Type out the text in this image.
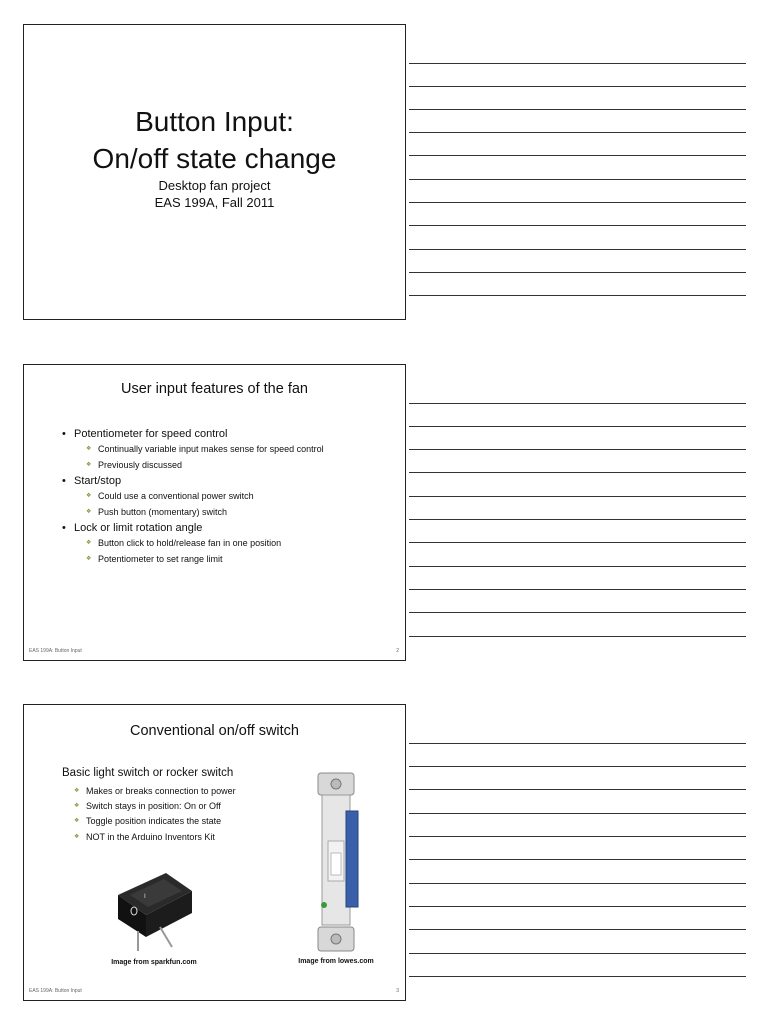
Button Input:
On/off state change
Desktop fan project
EAS 199A, Fall 2011
User input features of the fan
• Potentiometer for speed control
❖ Continually variable input makes sense for speed control
❖ Previously discussed
• Start/stop
❖ Could use a conventional power switch
❖ Push button (momentary) switch
• Lock or limit rotation angle
❖ Button click to hold/release fan in one position
❖ Potentiometer to set range limit
EAS 199A: Button Input	2
Conventional on/off switch
Basic light switch or rocker switch
❖ Makes or breaks connection to power
❖ Switch stays in position: On or Off
❖ Toggle position indicates the state
❖ NOT in the Arduino Inventors Kit
I
Image from sparkfun.com	Image from lowes.com
EAS 199A: Button Input	3
